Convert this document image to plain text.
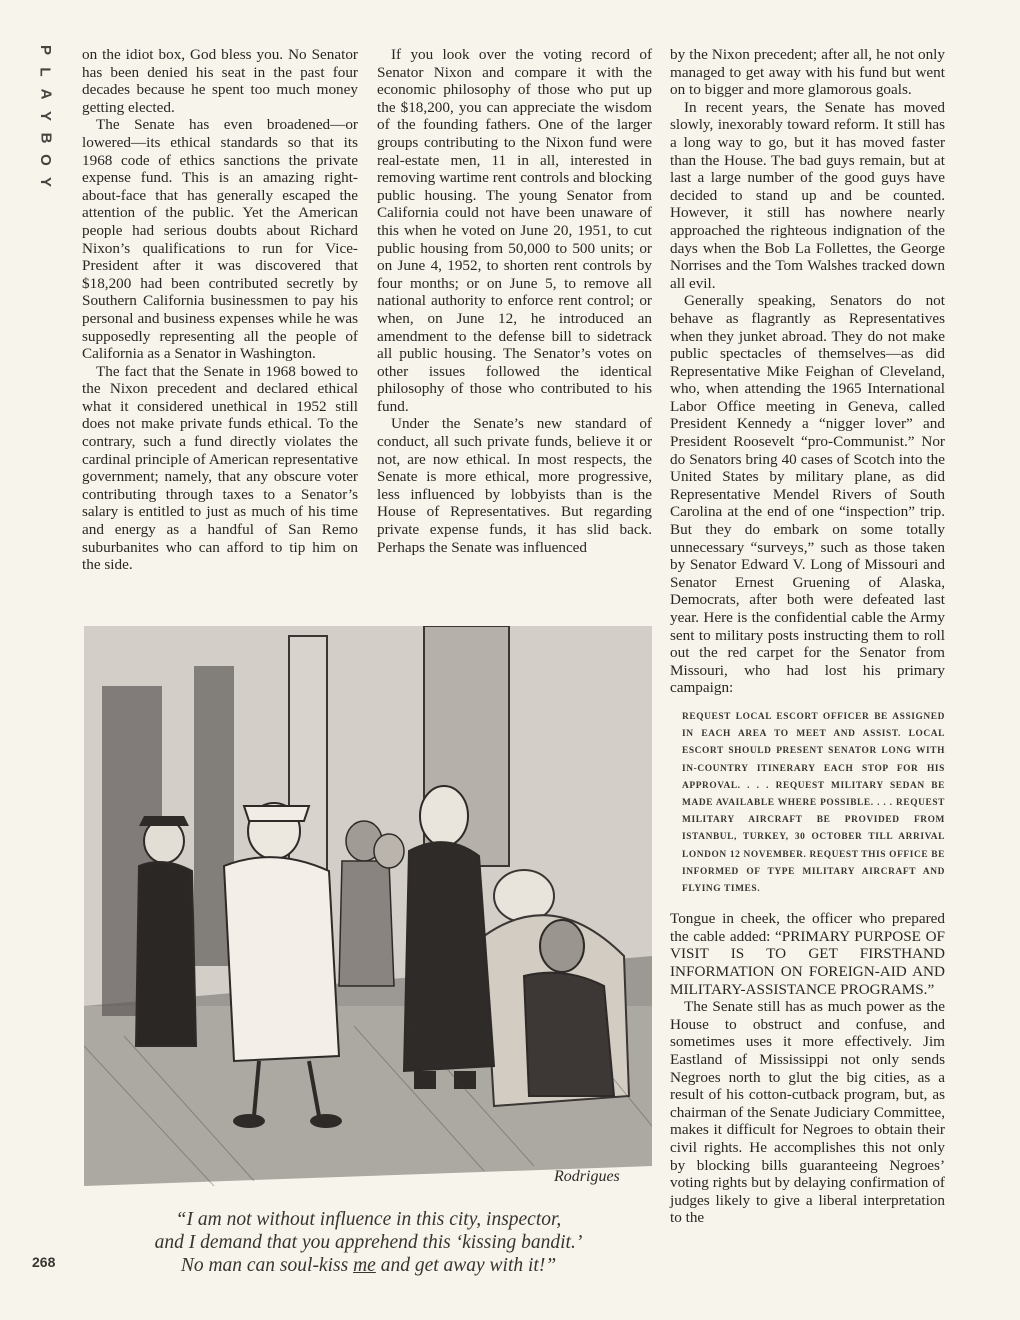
P
L
A
Y
B
O
Y

on the idiot box, God bless you. No Senator has been denied his seat in the past four decades because he spent too much money getting elected.

The Senate has even broadened—or lowered—its ethical standards so that its 1968 code of ethics sanctions the private expense fund. This is an amazing right-about-face that has generally escaped the attention of the public. Yet the American people had serious doubts about Richard Nixon’s qualifications to run for Vice-President after it was discovered that $18,200 had been contributed secretly by Southern California businessmen to pay his personal and business expenses while he was supposedly representing all the people of California as a Senator in Washington.

The fact that the Senate in 1968 bowed to the Nixon precedent and declared ethical what it considered unethical in 1952 still does not make private funds ethical. To the contrary, such a fund directly violates the cardinal principle of American representative government; namely, that any obscure voter contributing through taxes to a Senator’s salary is entitled to just as much of his time and energy as a handful of San Remo suburbanites who can afford to tip him on the side.

If you look over the voting record of Senator Nixon and compare it with the economic philosophy of those who put up the $18,200, you can appreciate the wisdom of the founding fathers. One of the larger groups contributing to the Nixon fund were real-estate men, 11 in all, interested in removing wartime rent controls and blocking public housing. The young Senator from California could not have been unaware of this when he voted on June 20, 1951, to cut public housing from 50,000 to 500 units; or on June 4, 1952, to shorten rent controls by four months; or on June 5, to remove all national authority to enforce rent control; or when, on June 12, he introduced an amendment to the defense bill to sidetrack all public housing. The Senator’s votes on other issues followed the identical philosophy of those who contributed to his fund.

Under the Senate’s new standard of conduct, all such private funds, believe it or not, are now ethical. In most respects, the Senate is more ethical, more progressive, less influenced by lobbyists than is the House of Representatives. But regarding private expense funds, it has slid back. Perhaps the Senate was influenced

by the Nixon precedent; after all, he not only managed to get away with his fund but went on to bigger and more glamorous goals.

In recent years, the Senate has moved slowly, inexorably toward reform. It still has a long way to go, but it has moved faster than the House. The bad guys remain, but at last a large number of the good guys have decided to stand up and be counted. However, it still has nowhere nearly approached the righteous indignation of the days when the Bob La Follettes, the George Norrises and the Tom Walshes tracked down all evil.

Generally speaking, Senators do not behave as flagrantly as Representatives when they junket abroad. They do not make public spectacles of themselves—as did Representative Mike Feighan of Cleveland, who, when attending the 1965 International Labor Office meeting in Geneva, called President Kennedy a “nigger lover” and President Roosevelt “pro-Communist.” Nor do Senators bring 40 cases of Scotch into the United States by military plane, as did Representative Mendel Rivers of South Carolina at the end of one “inspection” trip. But they do embark on some totally unnecessary “surveys,” such as those taken by Senator Edward V. Long of Missouri and Senator Ernest Gruening of Alaska, Democrats, after both were defeated last year. Here is the confidential cable the Army sent to military posts instructing them to roll out the red carpet for the Senator from Missouri, who had lost his primary campaign:

REQUEST LOCAL ESCORT OFFICER BE ASSIGNED IN EACH AREA TO MEET AND ASSIST. LOCAL ESCORT SHOULD PRESENT SENATOR LONG WITH IN-COUNTRY ITINERARY EACH STOP FOR HIS APPROVAL. . . . REQUEST MILITARY SEDAN BE MADE AVAILABLE WHERE POSSIBLE. . . . REQUEST MILITARY AIRCRAFT BE PROVIDED FROM ISTANBUL, TURKEY, 30 OCTOBER TILL ARRIVAL LONDON 12 NOVEMBER. REQUEST THIS OFFICE BE INFORMED OF TYPE MILITARY AIRCRAFT AND FLYING TIMES.

Tongue in cheek, the officer who prepared the cable added: “PRIMARY PURPOSE OF VISIT IS TO GET FIRSTHAND INFORMATION ON FOREIGN-AID AND MILITARY-ASSISTANCE PROGRAMS.”

The Senate still has as much power as the House to obstruct and confuse, and sometimes uses it more effectively. Jim Eastland of Mississippi not only sends Negroes north to glut the big cities, as a result of his cotton-cutback program, but, as chairman of the Senate Judiciary Committee, makes it difficult for Negroes to obtain their civil rights. He accomplishes this not only by blocking bills guaranteeing Negroes’ voting rights but by delaying confirmation of judges likely to give a liberal interpretation to the

Rodrigues
“I am not without influence in this city, inspector,
and I demand that you apprehend this ‘kissing bandit.’
No man can soul-kiss me and get away with it!”
268
